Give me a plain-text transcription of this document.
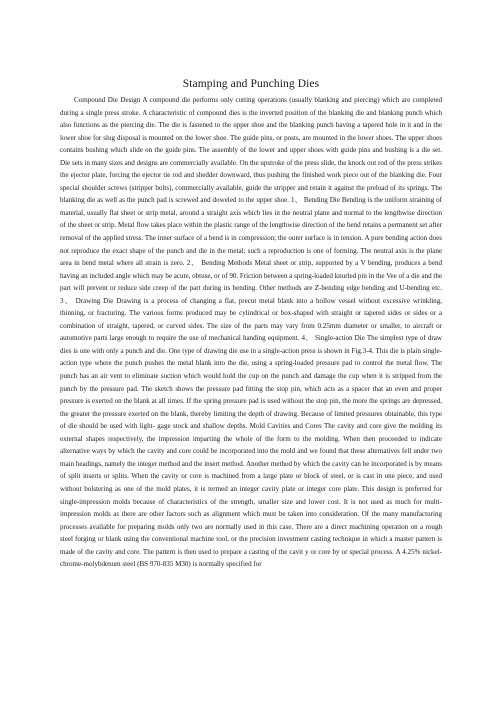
Stamping and Punching Dies

Compound Die Design A compound die performs only cutting operations (usually blanking and piercing) which are completed during a single press stroke. A characteristic of compound dies is the inverted position of the blanking die and blanking punch which also functions as the piercing die. The die is fastened to the upper shoe and the blanking punch having a tapered hole in it and in the lower shoe for slug disposal is mounted on the lower shoe. The guide pins, or posts, are mounted in the lower shoes. The upper shoes contains bushing which slide on the guide pins. The assembly of the lower and upper shoes with guide pins and bushing is a die set. Die sets in many sizes and designs are commercially available. On the upstroke of the press slide, the knock out rod of the press strikes the ejector plate, forcing the ejector tie rod and shedder downward, thus pushing the finished work piece out of the blanking die. Four special shoulder screws (stripper bolts), commercially available, guide the stripper and retain it against the preload of its springs. The blanking die as well as the punch pad is screwed and doweled to the upper shoe. 1、 Bending Die Bending is the uniform straining of material, usually flat sheet or strip metal, around a straight axis which lies in the neutral plane and normal to the lengthwise direction of the sheet or strip. Metal flow takes place within the plastic range of the lengthwise direction of the bend retains a permanent set after removal of the applied stress. The inner surface of a bend is in compression; the outer surface is in tension. A pure bending action does not reproduce the exact shape of the punch and die in the metal; such a reproduction is one of forming. The neutral axis is the plane area in bend metal where all strain is zero. 2、 Bending Methods Metal sheet or strip, supported by a V bending, produces a bend having an included angle which may be acute, obtuse, or of 90. Friction between a spring-loaded knurled pin in the Vee of a die and the part will prevent or reduce side creep of the part during its bending. Other methods are Z-bending edge bending and U-bending etc. 3、 Drawing Die Drawing is a process of changing a flat, precut metal blank into a hollow vessel without excessive wrinkling, thinning, or fracturing. The various forms produced may be cylindrical or box-shaped with straight or tapered sides or sides or a combination of straight, tapered, or curved sides. The size of the parts may vary from 0.25mm diameter or smaller, to aircraft or automotive parts large enough to require the use of mechanical handing equipment. 4、 Single-action Die The simplest type of draw dies is one with only a punch and die. One type of drawing die use in a single-action press is shown in Fig.3-4. This die is plain single-action type where the punch pushes the metal blank into the die, using a spring-loaded pressure pad to control the metal flow. The punch has an air vent to eliminate suction which would hold the cup on the punch and damage the cup when it is stripped from the punch by the pressure pad. The sketch shows the pressure pad fitting the stop pin, which acts as a spacer that an even and proper pressure is exerted on the blank at all times. If the spring pressure pad is used without the stop pin, the more the springs are depressed, the greater the pressure exerted on the blank, thereby limiting the depth of drawing. Because of limited pressures obtainable, this type of die should be used with light- gage stock and shallow depths. Mold Cavities and Cores The cavity and core give the molding its external shapes respectively, the impression imparting the whole of the form to the molding. When then proceeded to indicate alternative ways by which the cavity and core could be incorporated into the mold and we found that these alternatives fell under two main headings, namely the integer method and the insert method. Another method by which the cavity can be incorporated is by means of split inserts or splits. When the cavity or core is machined from a large plate or block of steel, or is cast in one piece, and used without bolstering as one of the mold plates, it is termed an integer cavity plate or integer core plate. This design is preferred for single-impression molds because of characteristics of the strength, smaller size and lower cost. It is not used as much for multi-impression molds as there are other factors such as alignment which must be taken into consideration. Of the many manufacturing processes available for preparing molds only two are normally used in this case. There are a direct machining operation on a rough steel forging or blank using the conventional machine tool, or the precision investment casting technique in which a master pattern is made of the cavity and core. The pattern is then used to prepare a casting of the cavit y or core by or special process. A 4.25% nickel-chrome-molybdenum steel (BS 970-835 M30) is normally specified for
